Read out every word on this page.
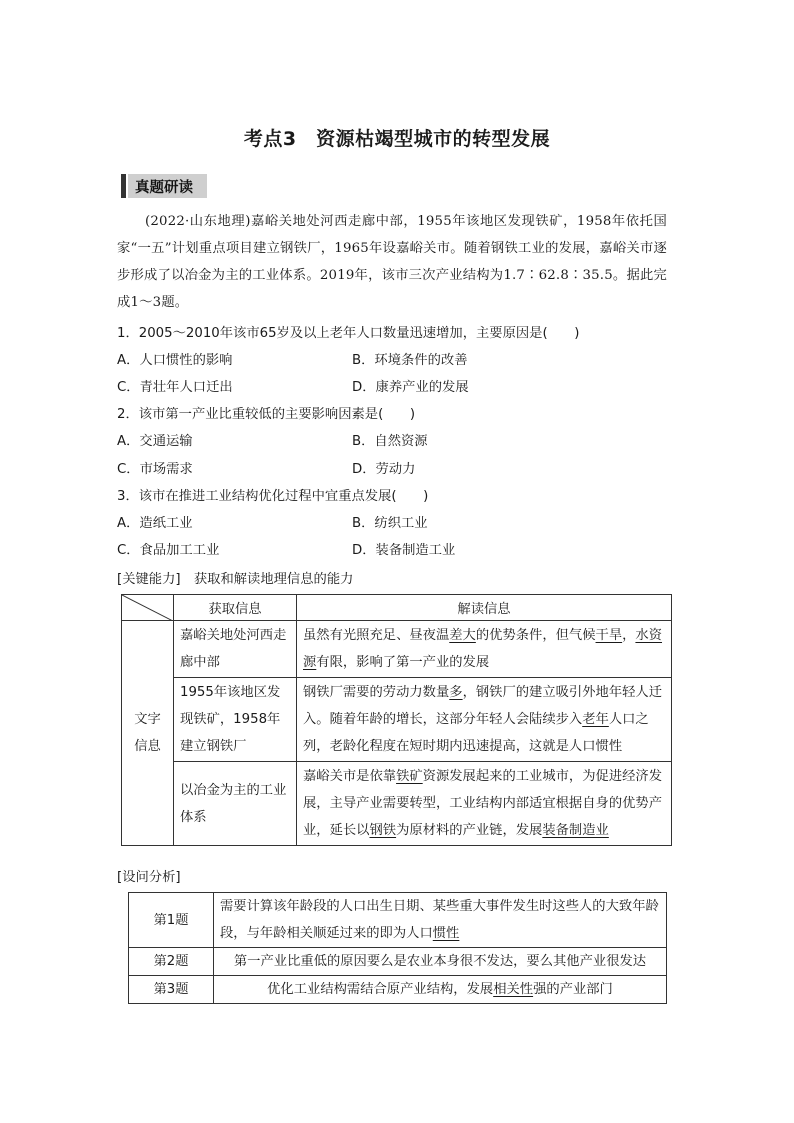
考点3　资源枯竭型城市的转型发展
真题研读
(2022·山东地理)嘉峪关地处河西走廊中部，1955年该地区发现铁矿，1958年依托国家“一五”计划重点项目建立钢铁厂，1965年设嘉峪关市。随着钢铁工业的发展，嘉峪关市逐步形成了以冶金为主的工业体系。2019年，该市三次产业结构为1.7∶62.8∶35.5。据此完成1～3题。
1．2005～2010年该市65岁及以上老年人口数量迅速增加，主要原因是(　　)
A．人口惯性的影响	B．环境条件的改善
C．青壮年人口迁出	D．康养产业的发展
2．该市第一产业比重较低的主要影响因素是(　　)
A．交通运输	B．自然资源
C．市场需求	D．劳动力
3．该市在推进工业结构优化过程中宜重点发展(　　)
A．造纸工业	B．纺织工业
C．食品加工工业	D．装备制造工业
[关键能力]　获取和解读地理信息的能力
	获取信息	解读信息
文字信息	嘉峪关地处河西走廊中部	虽然有光照充足、昼夜温差大的优势条件，但气候干旱，水资源有限，影响了第一产业的发展
	1955年该地区发现铁矿，1958年建立钢铁厂	钢铁厂需要的劳动力数量多，钢铁厂的建立吸引外地年轻人迁入。随着年龄的增长，这部分年轻人会陆续步入老年人口之列，老龄化程度在短时期内迅速提高，这就是人口惯性
	以冶金为主的工业体系	嘉峪关市是依靠铁矿资源发展起来的工业城市，为促进经济发展，主导产业需要转型，工业结构内部适宜根据自身的优势产业，延长以钢铁为原材料的产业链，发展装备制造业
[设问分析]
第1题	需要计算该年龄段的人口出生日期、某些重大事件发生时这些人的大致年龄段，与年龄相关顺延过来的即为人口惯性
第2题	第一产业比重低的原因要么是农业本身很不发达，要么其他产业很发达
第3题	优化工业结构需结合原产业结构，发展相关性强的产业部门
